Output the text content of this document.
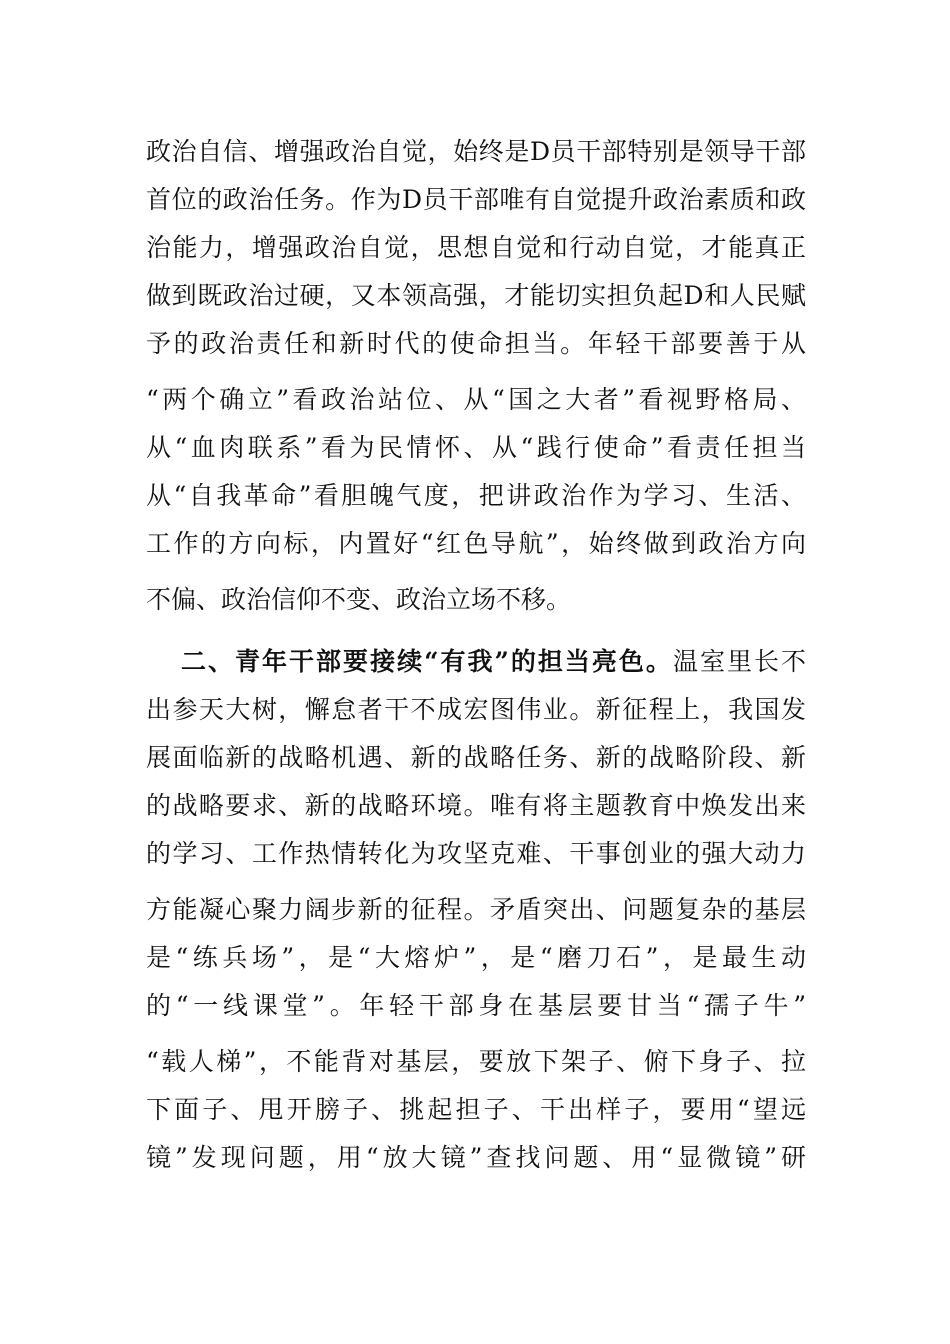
政治自信、增强政治自觉，始终是D员干部特别是领导干部
首位的政治任务。作为D员干部唯有自觉提升政治素质和政
治能力，增强政治自觉，思想自觉和行动自觉，才能真正
做到既政治过硬，又本领高强，才能切实担负起D和人民赋
予的政治责任和新时代的使命担当。年轻干部要善于从
“两个确立”看政治站位、从“国之大者”看视野格局、
从“血肉联系”看为民情怀、从“践行使命”看责任担当
从“自我革命”看胆魄气度，把讲政治作为学习、生活、
工作的方向标，内置好“红色导航”，始终做到政治方向
不偏、政治信仰不变、政治立场不移。
二、青年干部要接续“有我”的担当亮色。温室里长不
出参天大树，懈怠者干不成宏图伟业。新征程上，我国发
展面临新的战略机遇、新的战略任务、新的战略阶段、新
的战略要求、新的战略环境。唯有将主题教育中焕发出来
的学习、工作热情转化为攻坚克难、干事创业的强大动力
方能凝心聚力阔步新的征程。矛盾突出、问题复杂的基层
是“练兵场”，是“大熔炉”，是“磨刀石”，是最生动
的“一线课堂”。年轻干部身在基层要甘当“孺子牛”
“载人梯”，不能背对基层，要放下架子、俯下身子、拉
下面子、甩开膀子、挑起担子、干出样子，要用“望远
镜”发现问题，用“放大镜”查找问题、用“显微镜”研
